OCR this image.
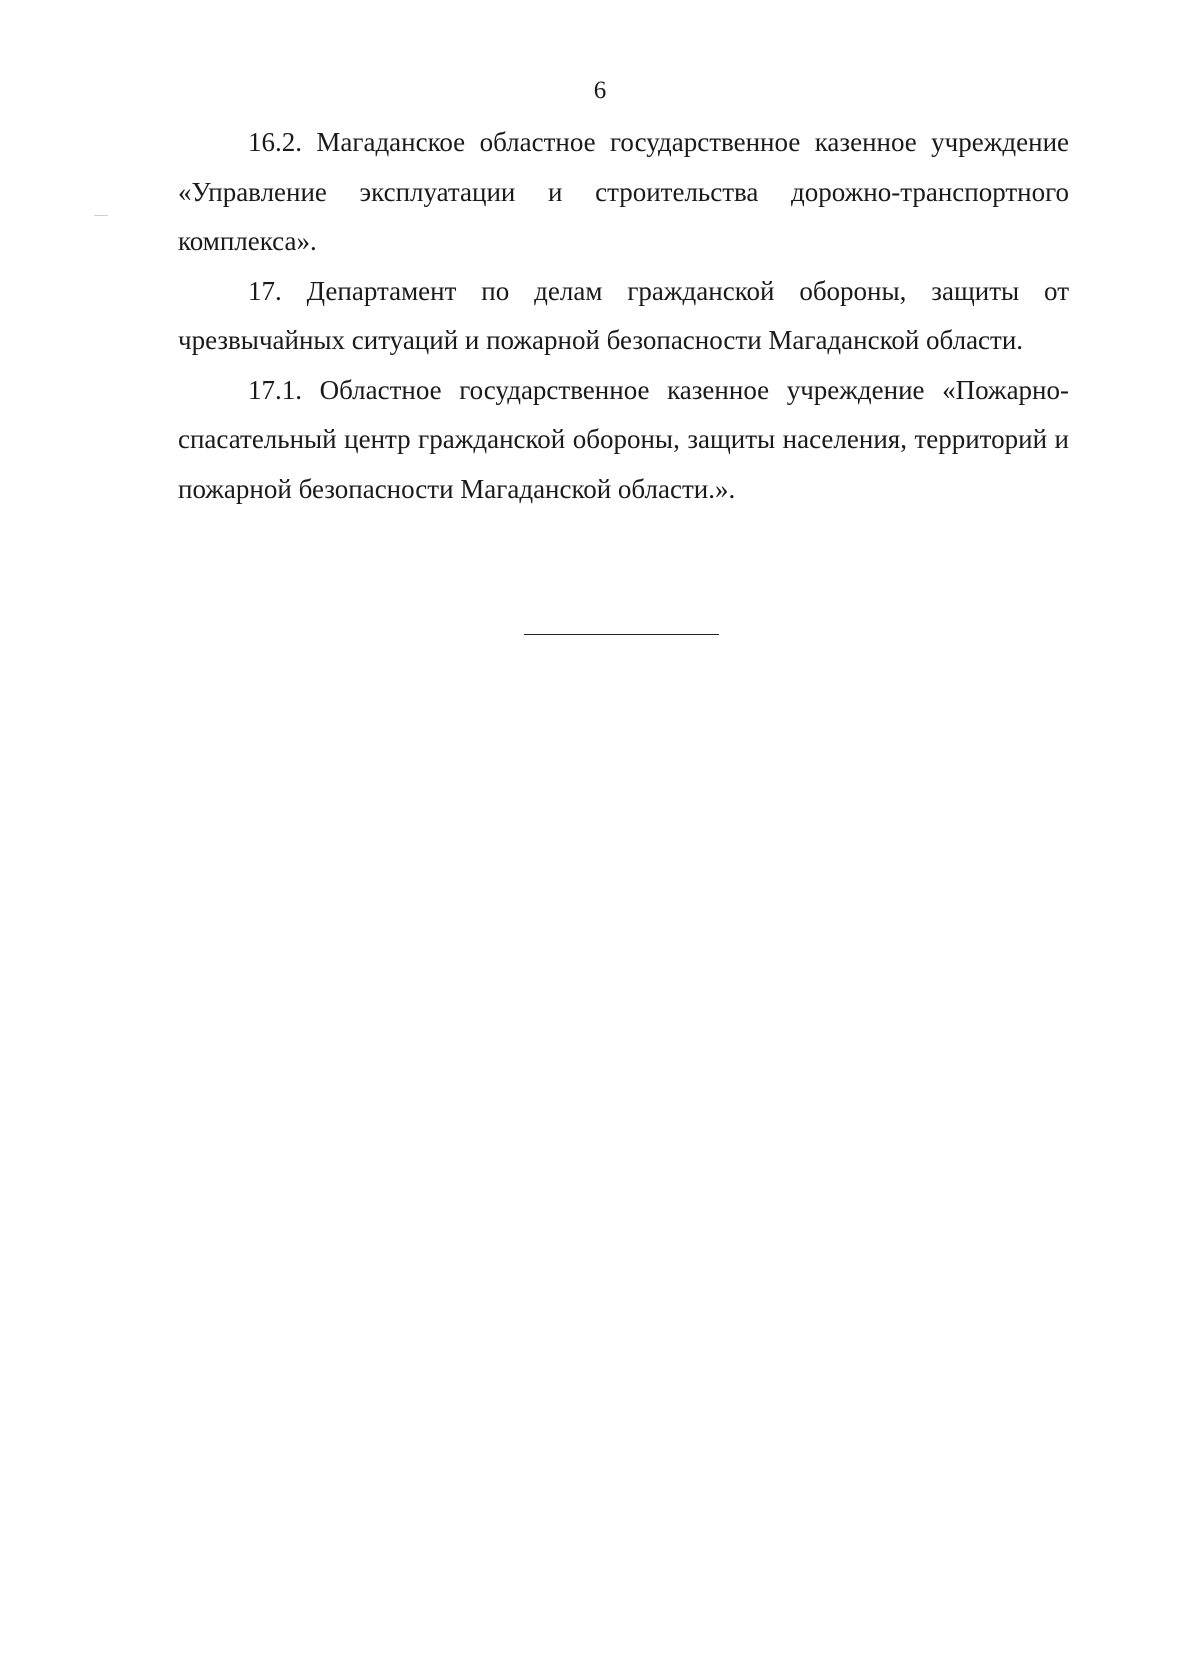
6

16.2. Магаданское областное государственное казенное учреждение «Управление эксплуатации и строительства дорожно-транспортного комплекса».

17. Департамент по делам гражданской обороны, защиты от чрезвычайных ситуаций и пожарной безопасности Магаданской области.

17.1. Областное государственное казенное учреждение «Пожарно-спасательный центр гражданской обороны, защиты населения, территорий и пожарной безопасности Магаданской области.».
